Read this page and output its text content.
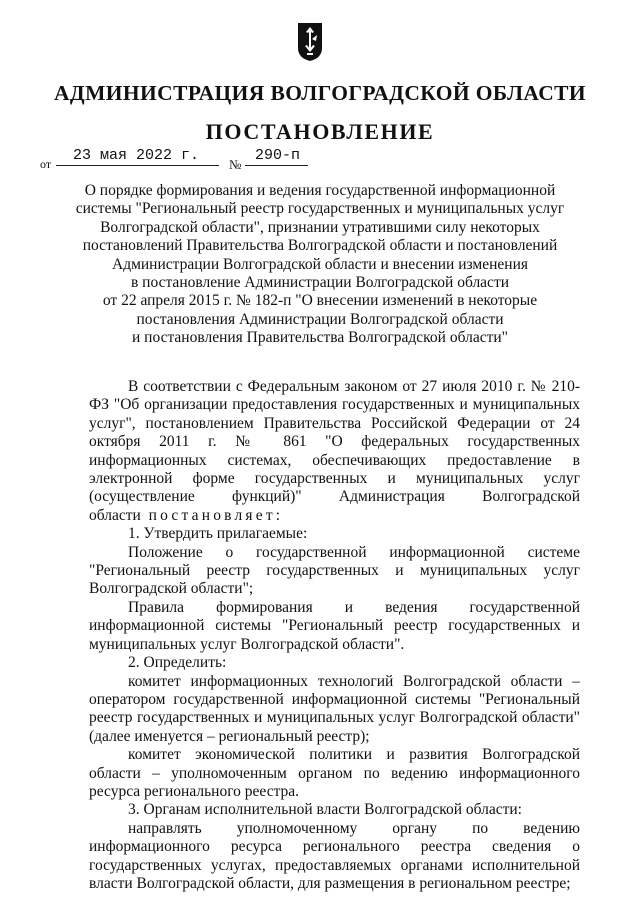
АДМИНИСТРАЦИЯ ВОЛГОГРАДСКОЙ ОБЛАСТИ
ПОСТАНОВЛЕНИЕ
от 23 мая 2022 г.
№
290-п
О порядке формирования и ведения государственной информационной
системы "Региональный реестр государственных и муниципальных услуг
Волгоградской области", признании утратившими силу некоторых
постановлений Правительства Волгоградской области и постановлений
Администрации Волгоградской области и внесении изменения
в постановление Администрации Волгоградской области
от 22 апреля 2015 г. № 182-п "О внесении изменений в некоторые
постановления Администрации Волгоградской области
и постановления Правительства Волгоградской области"
В соответствии с Федеральным законом от 27 июля 2010 г. № 210-ФЗ "Об организации предоставления государственных и муниципальных услуг", постановлением Правительства Российской Федерации от 24 октября 2011 г. № 861 "О федеральных государственных информационных системах, обеспечивающих предоставление в электронной форме государственных и муниципальных услуг (осуществление функций)" Администрация Волгоградской области постановляет:
1. Утвердить прилагаемые:
Положение о государственной информационной системе "Региональный реестр государственных и муниципальных услуг Волгоградской области";
Правила формирования и ведения государственной информационной системы "Региональный реестр государственных и муниципальных услуг Волгоградской области".
2. Определить:
комитет информационных технологий Волгоградской области – оператором государственной информационной системы "Региональный реестр государственных и муниципальных услуг Волгоградской области" (далее именуется – региональный реестр);
комитет экономической политики и развития Волгоградской области – уполномоченным органом по ведению информационного ресурса регионального реестра.
3. Органам исполнительной власти Волгоградской области:
направлять уполномоченному органу по ведению информационного ресурса регионального реестра сведения о государственных услугах, предоставляемых органами исполнительной власти Волгоградской области, для размещения в региональном реестре;
